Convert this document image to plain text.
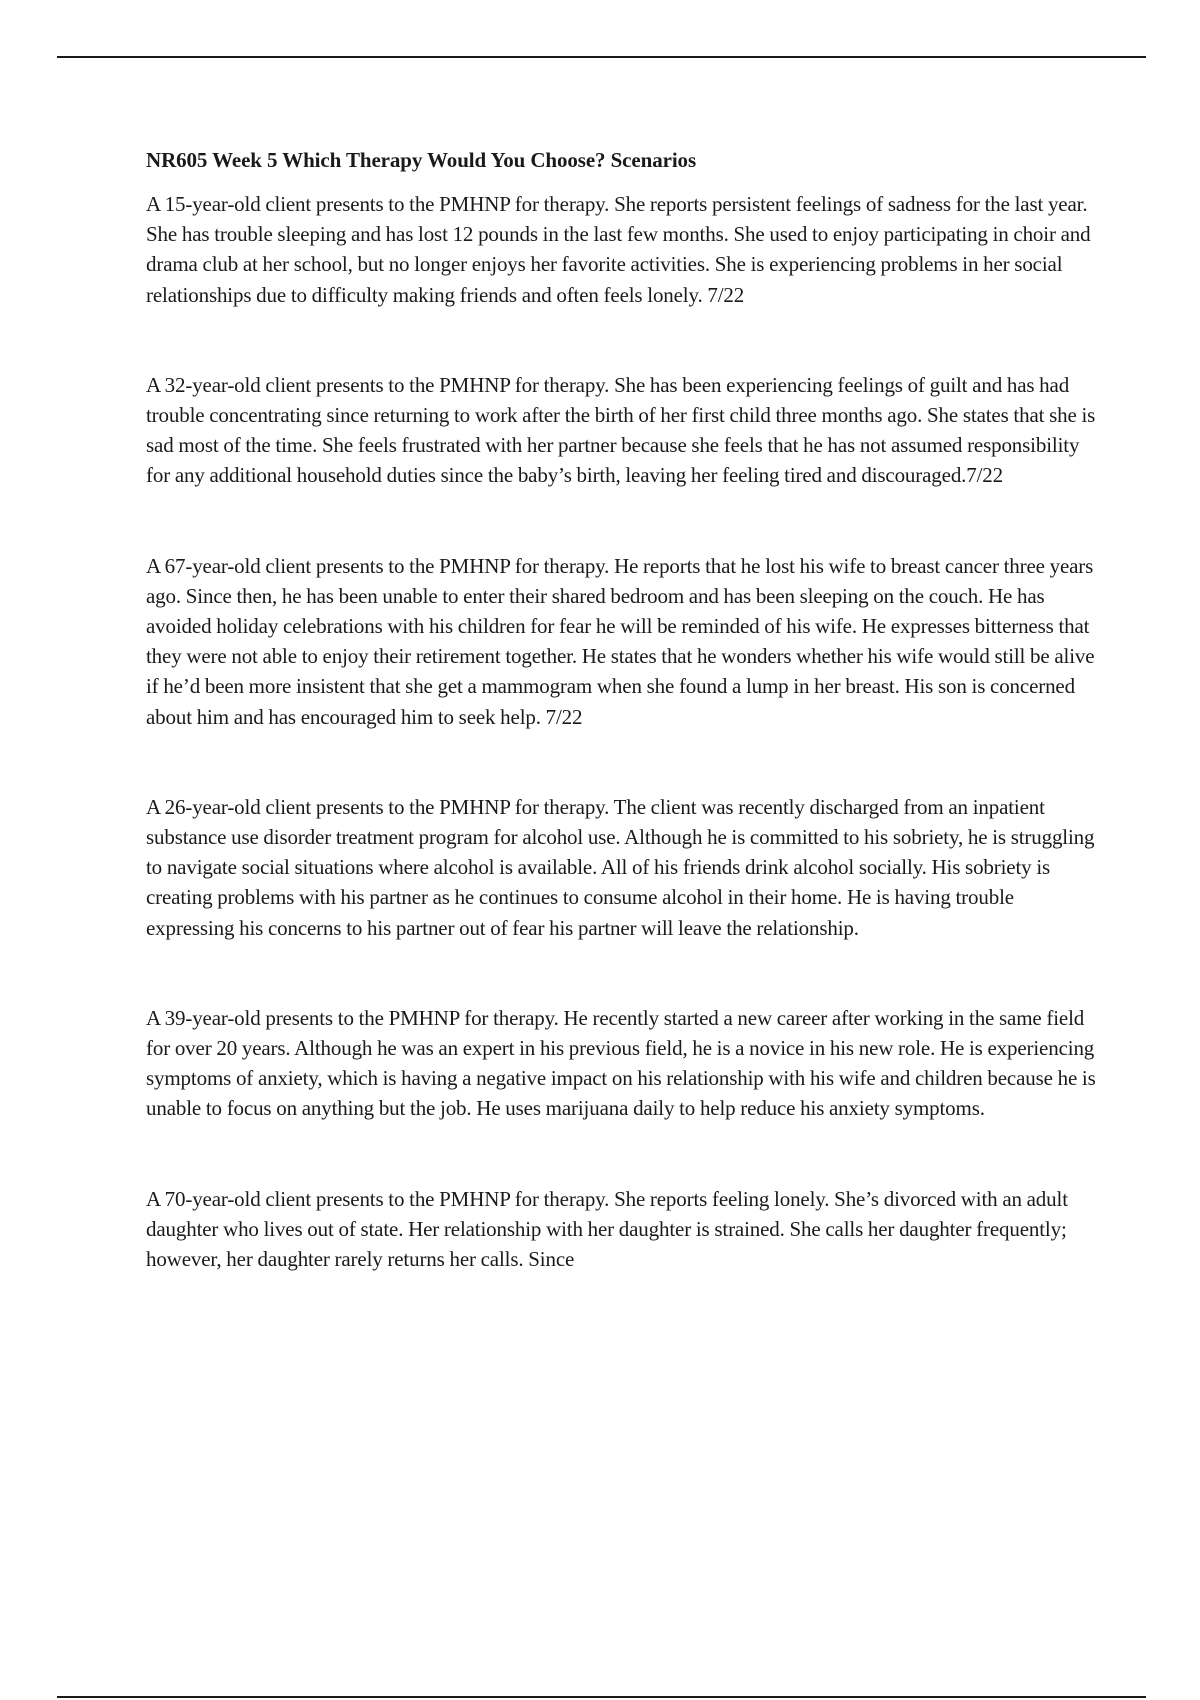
NR605 Week 5 Which Therapy Would You Choose? Scenarios

A 15-year-old client presents to the PMHNP for therapy. She reports persistent feelings of sadness for the last year. She has trouble sleeping and has lost 12 pounds in the last few months. She used to enjoy participating in choir and drama club at her school, but no longer enjoys her favorite activities. She is experiencing problems in her social relationships due to difficulty making friends and often feels lonely. 7/22

A 32-year-old client presents to the PMHNP for therapy. She has been experiencing feelings of guilt and has had trouble concentrating since returning to work after the birth of her first child three months ago. She states that she is sad most of the time. She feels frustrated with her partner because she feels that he has not assumed responsibility for any additional household duties since the baby’s birth, leaving her feeling tired and discouraged.7/22

A 67-year-old client presents to the PMHNP for therapy. He reports that he lost his wife to breast cancer three years ago. Since then, he has been unable to enter their shared bedroom and has been sleeping on the couch. He has avoided holiday celebrations with his children for fear he will be reminded of his wife. He expresses bitterness that they were not able to enjoy their retirement together. He states that he wonders whether his wife would still be alive if he’d been more insistent that she get a mammogram when she found a lump in her breast. His son is concerned about him and has encouraged him to seek help. 7/22

A 26-year-old client presents to the PMHNP for therapy. The client was recently discharged from an inpatient substance use disorder treatment program for alcohol use. Although he is committed to his sobriety, he is struggling to navigate social situations where alcohol is available. All of his friends drink alcohol socially. His sobriety is creating problems with his partner as he continues to consume alcohol in their home. He is having trouble expressing his concerns to his partner out of fear his partner will leave the relationship.

A 39-year-old presents to the PMHNP for therapy. He recently started a new career after working in the same field for over 20 years. Although he was an expert in his previous field, he is a novice in his new role. He is experiencing symptoms of anxiety, which is having a negative impact on his relationship with his wife and children because he is unable to focus on anything but the job. He uses marijuana daily to help reduce his anxiety symptoms.

A 70-year-old client presents to the PMHNP for therapy. She reports feeling lonely. She’s divorced with an adult daughter who lives out of state. Her relationship with her daughter is strained. She calls her daughter frequently; however, her daughter rarely returns her calls. Since
